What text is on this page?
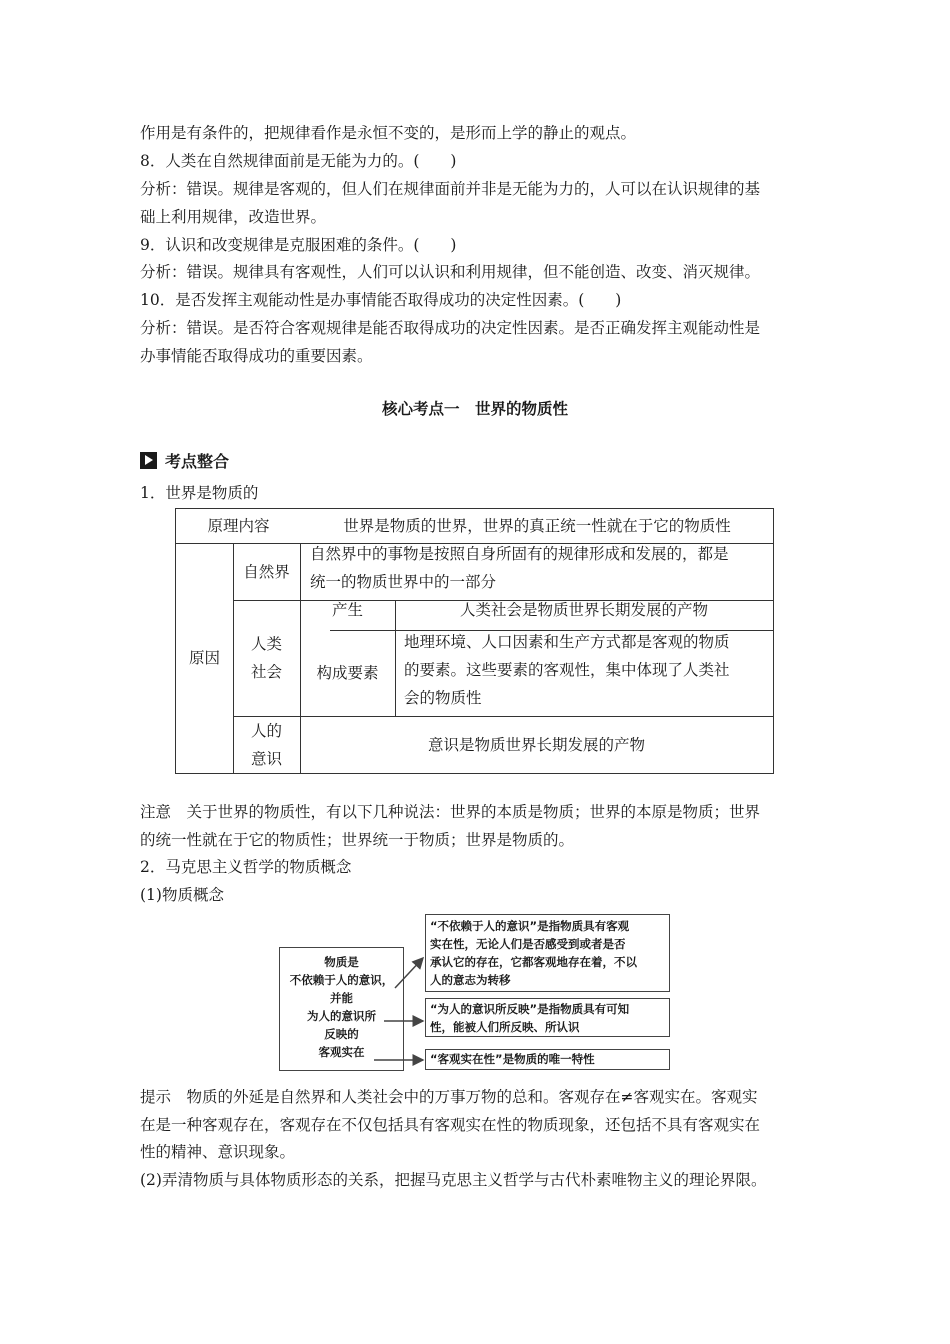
作用是有条件的，把规律看作是永恒不变的，是形而上学的静止的观点。
8．人类在自然规律面前是无能为力的。(　　)
分析：错误。规律是客观的，但人们在规律面前并非是无能为力的，人可以在认识规律的基
础上利用规律，改造世界。
9．认识和改变规律是克服困难的条件。(　　)
分析：错误。规律具有客观性，人们可以认识和利用规律，但不能创造、改变、消灭规律。
10．是否发挥主观能动性是办事情能否取得成功的决定性因素。(　　)
分析：错误。是否符合客观规律是能否取得成功的决定性因素。是否正确发挥主观能动性是
办事情能否取得成功的重要因素。
核心考点一　世界的物质性
考点整合
1．世界是物质的
原理内容	世界是物质的世界，世界的真正统一性就在于它的物质性
原因
自然界
自然界中的事物是按照自身所固有的规律形成和发展的，都是
统一的物质世界中的一部分
人类
社会
产生	人类社会是物质世界长期发展的产物
构成要素
地理环境、人口因素和生产方式都是客观的物质
的要素。这些要素的客观性，集中体现了人类社
会的物质性
人的
意识
意识是物质世界长期发展的产物
注意　关于世界的物质性，有以下几种说法：世界的本质是物质；世界的本原是物质；世界
的统一性就在于它的物质性；世界统一于物质；世界是物质的。
2．马克思主义哲学的物质概念
(1)物质概念
物质是
不依赖于人的意识，
并能
为人的意识所
反映的
客观实在
“不依赖于人的意识”是指物质具有客观
实在性，无论人们是否感受到或者是否
承认它的存在，它都客观地存在着，不以
人的意志为转移
“为人的意识所反映”是指物质具有可知
性，能被人们所反映、所认识
“客观实在性”是物质的唯一特性
提示　物质的外延是自然界和人类社会中的万事万物的总和。客观存在≠客观实在。客观实
在是一种客观存在，客观存在不仅包括具有客观实在性的物质现象，还包括不具有客观实在
性的精神、意识现象。
(2)弄清物质与具体物质形态的关系，把握马克思主义哲学与古代朴素唯物主义的理论界限。
